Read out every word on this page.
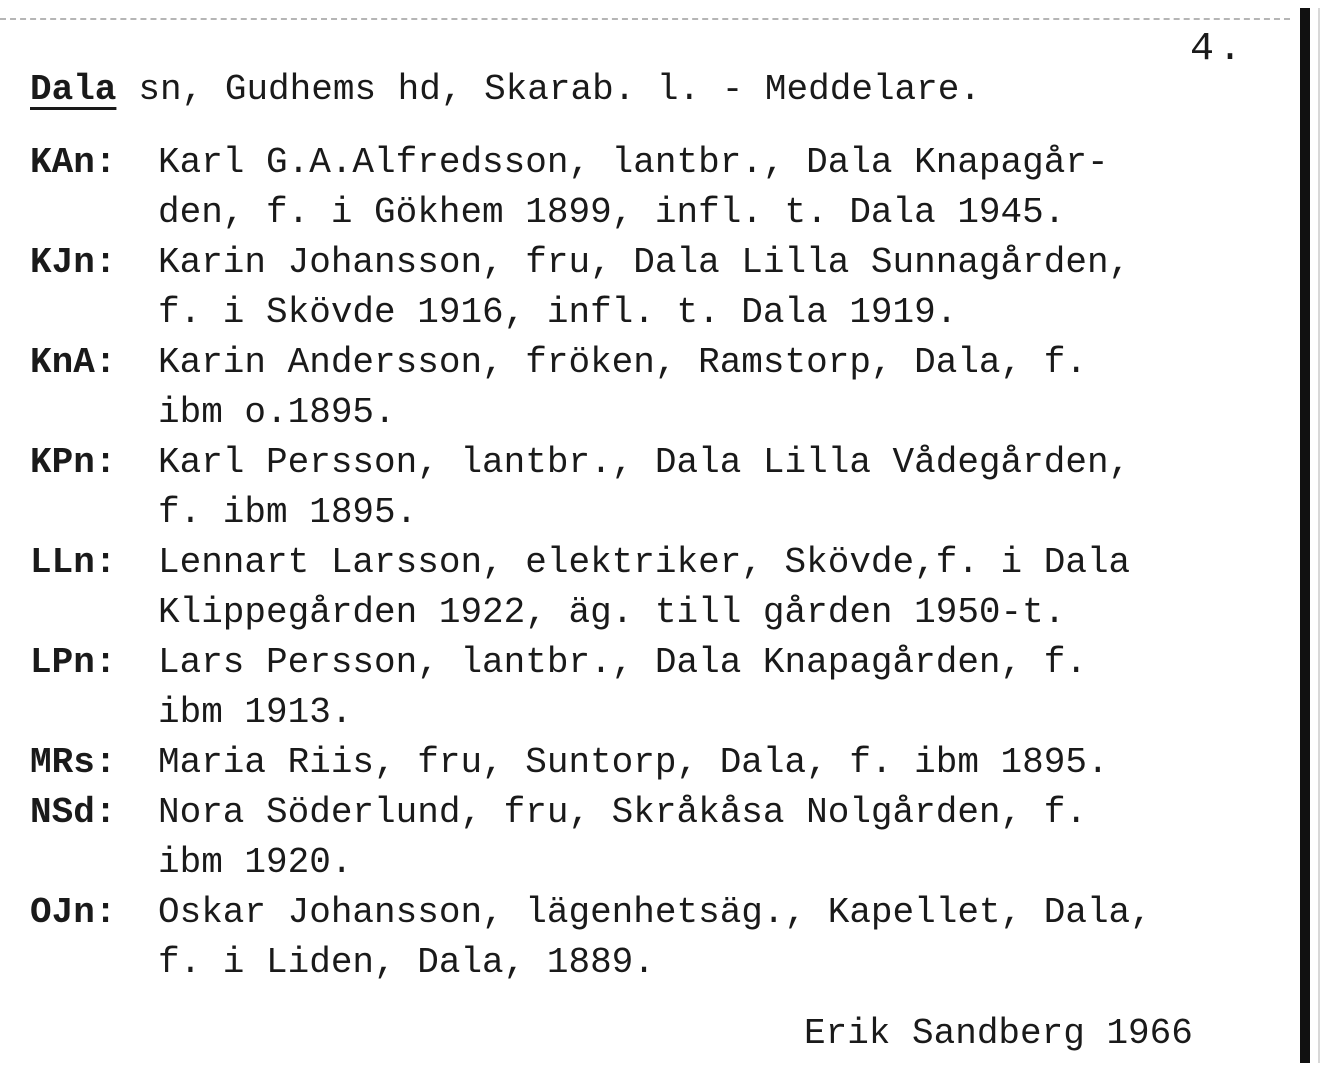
4.
Dala sn, Gudhems hd, Skarab. l. - Meddelare.
KAn:	Karl G.A.Alfredsson, lantbr., Dala Knapagår-
den, f. i Gökhem 1899, infl. t. Dala 1945.
KJn:	Karin Johansson, fru, Dala Lilla Sunnagården,
f. i Skövde 1916, infl. t. Dala 1919.
KnA:	Karin Andersson, fröken, Ramstorp, Dala, f.
ibm o.1895.
KPn:	Karl Persson, lantbr., Dala Lilla Vådegården,
f. ibm 1895.
LLn:	Lennart Larsson, elektriker, Skövde,f. i Dala
Klippegården 1922, äg. till gården 1950-t.
LPn:	Lars Persson, lantbr., Dala Knapagården, f.
ibm 1913.
MRs:	Maria Riis, fru, Suntorp, Dala, f. ibm 1895.
NSd:	Nora Söderlund, fru, Skråkåsa Nolgården, f.
ibm 1920.
OJn:	Oskar Johansson, lägenhetsäg., Kapellet, Dala,
f. i Liden, Dala, 1889.
Erik Sandberg 1966
